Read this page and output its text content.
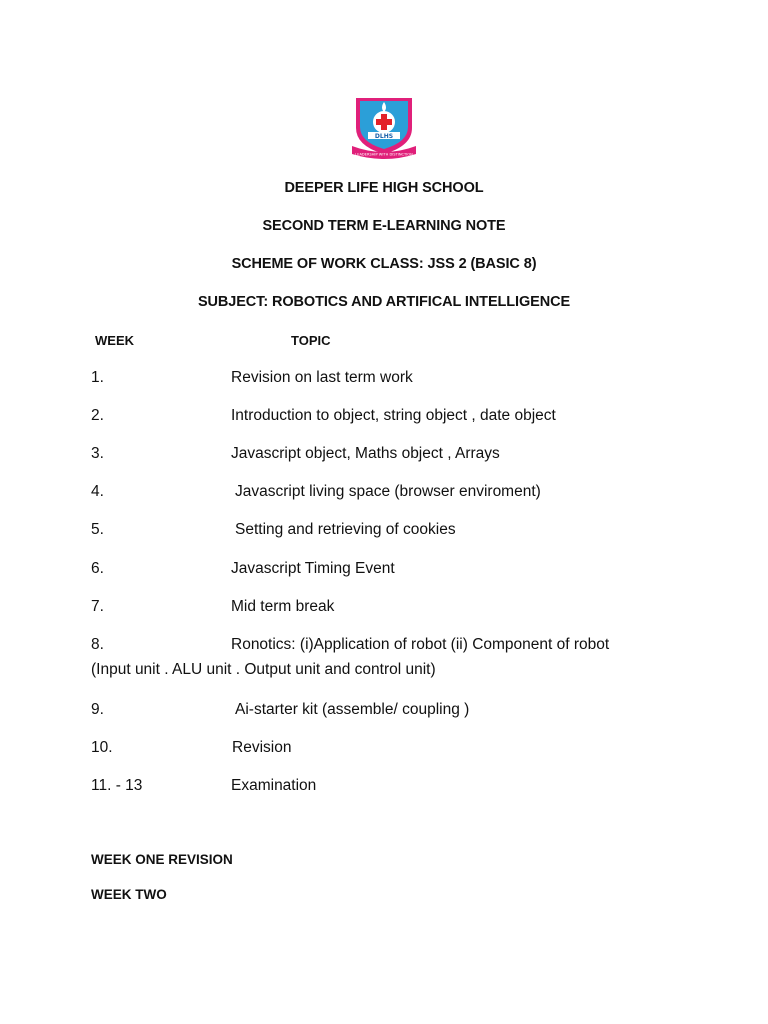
DLHS
LEADERSHIP WITH DISTINCTION
DEEPER LIFE HIGH SCHOOL
SECOND TERM E-LEARNING NOTE
SCHEME OF WORK CLASS: JSS 2 (BASIC 8)
SUBJECT: ROBOTICS AND ARTIFICAL INTELLIGENCE
WEEK	TOPIC
1.	Revision on last term work
2.	Introduction to object, string object , date object
3.	Javascript object, Maths object , Arrays
4.	Javascript living space (browser enviroment)
5.	Setting and retrieving of cookies
6.	Javascript Timing Event
7.	Mid term break
8.	Ronotics: (i)Application of robot (ii) Component of robot
(Input unit . ALU unit . Output unit and control unit)
9.	Ai-starter kit (assemble/ coupling )
10.	Revision
11. - 13	Examination
WEEK ONE REVISION
WEEK TWO
